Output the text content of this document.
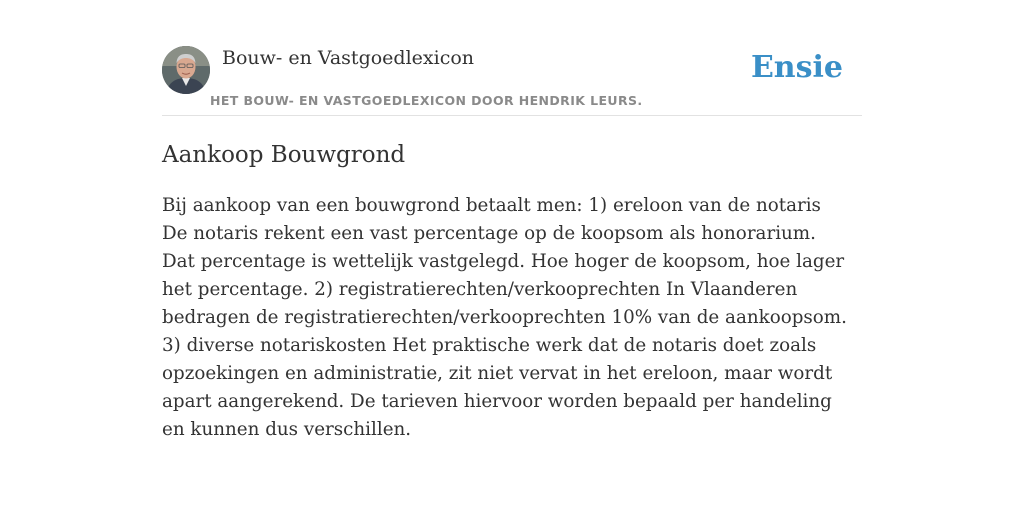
Bouw- en Vastgoedlexicon
HET BOUW- EN VASTGOEDLEXICON DOOR HENDRIK LEURS.
Ensie
Aankoop Bouwgrond

Bij aankoop van een bouwgrond betaalt men: 1) ereloon van de notaris De notaris rekent een vast percentage op de koopsom als honorarium. Dat percentage is wettelijk vastgelegd. Hoe hoger de koopsom, hoe lager het percentage. 2) registratierechten/verkooprechten In Vlaanderen bedragen de registratierechten/verkooprechten 10% van de aankoopsom. 3) diverse notariskosten Het praktische werk dat de notaris doet zoals opzoekingen en administratie, zit niet vervat in het ereloon, maar wordt apart aangerekend. De tarieven hiervoor worden bepaald per handeling en kunnen dus verschillen.
